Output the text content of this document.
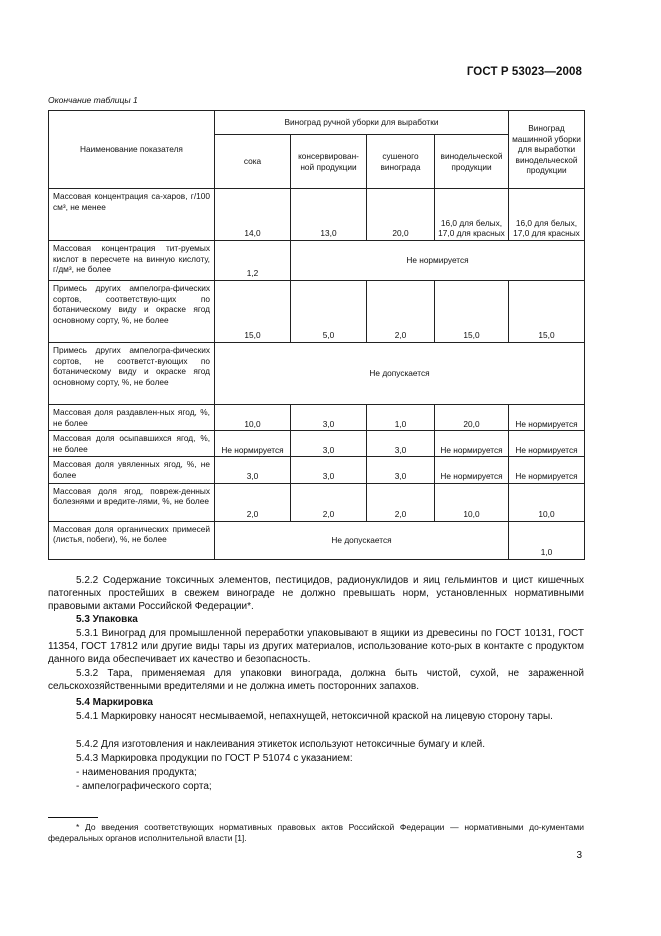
ГОСТ Р 53023—2008
Окончание таблицы 1
Наименование показателя	Виноград ручной уборки для выработки				Виноград машинной уборки для выработки винодельческой продукции
	сока	консервирован-ной продукции	сушеного винограда	винодельческой продукции	
Массовая концентрация са-харов, г/100 см³, не менее	14,0	13,0	20,0	16,0 для белых, 17,0 для красных	16,0 для белых, 17,0 для красных
Массовая концентрация тит-руемых кислот в пересчете на винную кислоту, г/дм³, не более	1,2	Не нормируется			
Примесь других ампелогра-фических сортов, соответствую-щих по ботаническому виду и окраске ягод основному сорту, %, не более	15,0	5,0	2,0	15,0	15,0
Примесь других ампелогра-фических сортов, не соответст-вующих по ботаническому виду и окраске ягод основному сорту, %, не более	Не допускается				
Массовая доля раздавлен-ных ягод, %, не более	10,0	3,0	1,0	20,0	Не нормируется
Массовая доля осыпавшихся ягод, %, не более	Не нормируется	3,0	3,0	Не нормируется	Не нормируется
Массовая доля увяленных ягод, %, не более	3,0	3,0	3,0	Не нормируется	Не нормируется
Массовая доля ягод, повреж-денных болезнями и вредите-лями, %, не более	2,0	2,0	2,0	10,0	10,0
Массовая доля органических примесей (листья, побеги), %, не более	Не допускается				1,0
5.2.2 Содержание токсичных элементов, пестицидов, радионуклидов и яиц гельминтов и цист кишечных патогенных простейших в свежем винограде не должно превышать норм, установленных нормативными правовыми актами Российской Федерации*.
5.3 Упаковка
5.3.1 Виноград для промышленной переработки упаковывают в ящики из древесины по ГОСТ 10131, ГОСТ 11354, ГОСТ 17812 или другие виды тары из других материалов, использование кото-рых в контакте с продуктом данного вида обеспечивает их качество и безопасность.
5.3.2 Тара, применяемая для упаковки винограда, должна быть чистой, сухой, не зараженной сельскохозяйственными вредителями и не должна иметь посторонних запахов.
5.4 Маркировка
5.4.1 Маркировку наносят несмываемой, непахнущей, нетоксичной краской на лицевую сторону тары.
5.4.2 Для изготовления и наклеивания этикеток используют нетоксичные бумагу и клей.
5.4.3 Маркировка продукции по ГОСТ Р 51074 с указанием:
- наименования продукта;
- ампелографического сорта;
* До введения соответствующих нормативных правовых актов Российской Федерации — нормативными до-кументами федеральных органов исполнительной власти [1].
3
